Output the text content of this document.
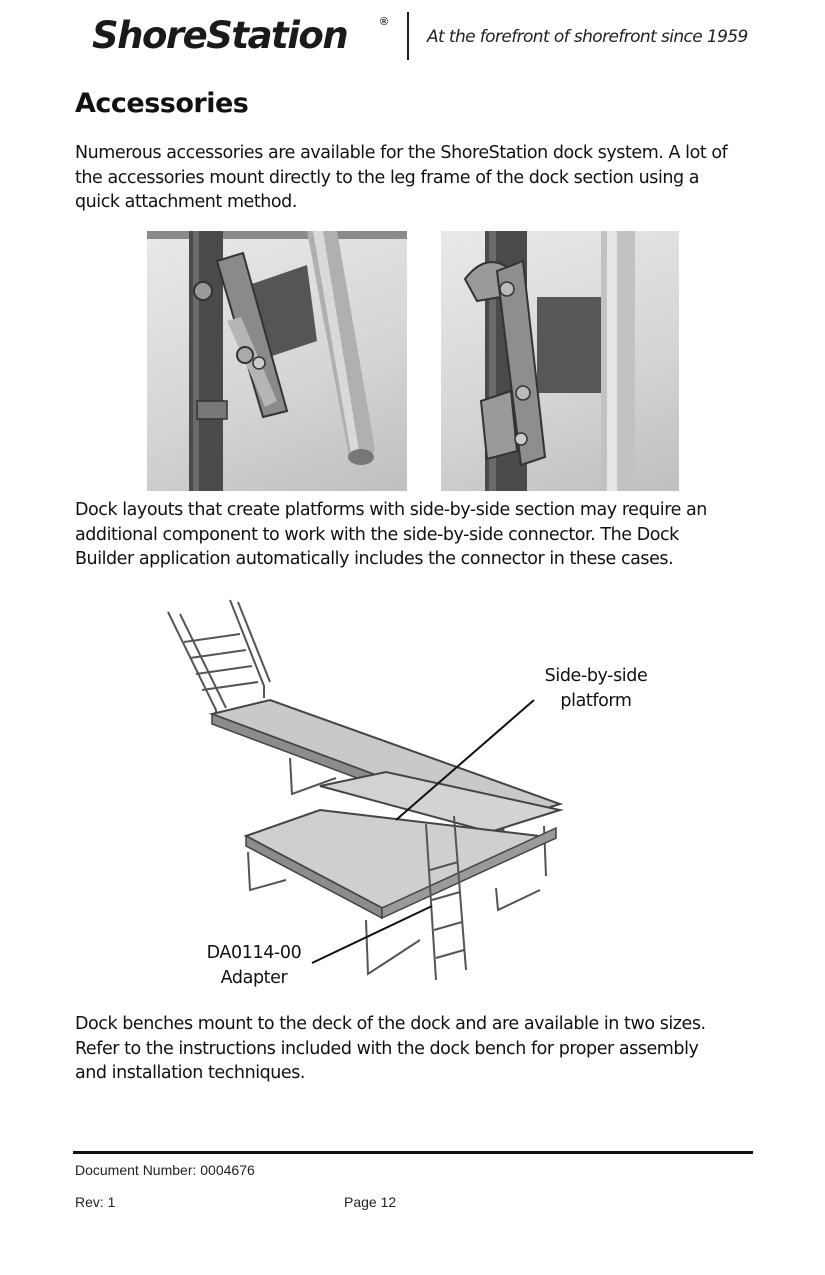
ShoreStation	®
At the forefront of shorefront since 1959
Accessories
Numerous accessories are available for the ShoreStation dock system. A lot of
the accessories mount directly to the leg frame of the dock section using a
quick attachment method.
Dock layouts that create platforms with side-by-side section may require an
additional component to work with the side-by-side connector. The Dock
Builder application automatically includes the connector in these cases.
Side-by-side
platform
DA0114-00
Adapter
Dock benches mount to the deck of the dock and are available in two sizes.
Refer to the instructions included with the dock bench for proper assembly
and installation techniques.
Document Number: 0004676
Rev: 1	Page 12
